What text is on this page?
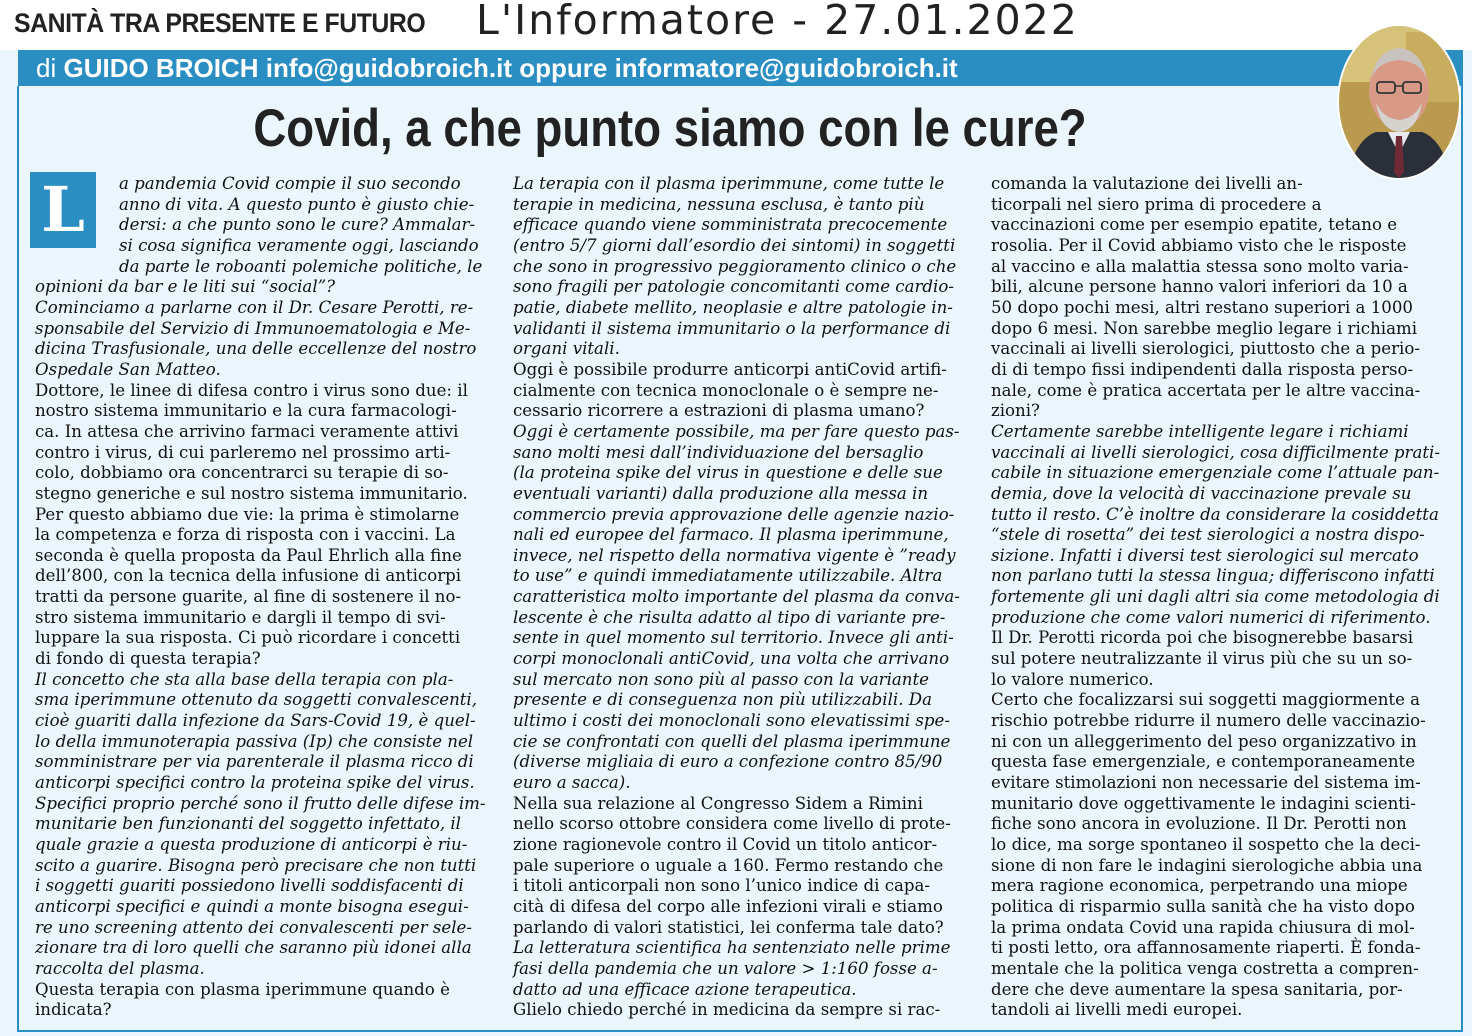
SANITÀ TRA PRESENTE E FUTURO L'Informatore - 27.01.2022
di GUIDO BROICH info@guidobroich.it oppure informatore@guidobroich.it
Covid, a che punto siamo con le cure?
L	a pandemia Covid compie il suo secondo
anno di vita. A questo punto è giusto chie-
dersi: a che punto sono le cure? Ammalar-
si cosa significa veramente oggi, lasciando
da parte le roboanti polemiche politiche, le
opinioni da bar e le liti sui “social”?
Cominciamo a parlarne con il Dr. Cesare Perotti, re-
sponsabile del Servizio di Immunoematologia e Me-
dicina Trasfusionale, una delle eccellenze del nostro
Ospedale San Matteo.
Dottore, le linee di difesa contro i virus sono due: il
nostro sistema immunitario e la cura farmacologi-
ca. In attesa che arrivino farmaci veramente attivi
contro i virus, di cui parleremo nel prossimo arti-
colo, dobbiamo ora concentrarci su terapie di so-
stegno generiche e sul nostro sistema immunitario.
Per questo abbiamo due vie: la prima è stimolarne
la competenza e forza di risposta con i vaccini. La
seconda è quella proposta da Paul Ehrlich alla fine
dell’800, con la tecnica della infusione di anticorpi
tratti da persone guarite, al fine di sostenere il no-
stro sistema immunitario e dargli il tempo di svi-
luppare la sua risposta. Ci può ricordare i concetti
di fondo di questa terapia?
Il concetto che sta alla base della terapia con pla-
sma iperimmune ottenuto da soggetti convalescenti,
cioè guariti dalla infezione da Sars-Covid 19, è quel-
lo della immunoterapia passiva (Ip) che consiste nel
somministrare per via parenterale il plasma ricco di
anticorpi specifici contro la proteina spike del virus.
Specifici proprio perché sono il frutto delle difese im-
munitarie ben funzionanti del soggetto infettato, il
quale grazie a questa produzione di anticorpi è riu-
scito a guarire. Bisogna però precisare che non tutti
i soggetti guariti possiedono livelli soddisfacenti di
anticorpi specifici e quindi a monte bisogna esegui-
re uno screening attento dei convalescenti per sele-
zionare tra di loro quelli che saranno più idonei alla
raccolta del plasma.
Questa terapia con plasma iperimmune quando è
indicata?
La terapia con il plasma iperimmune, come tutte le
terapie in medicina, nessuna esclusa, è tanto più
efficace quando viene somministrata precocemente
(entro 5/7 giorni dall’esordio dei sintomi) in soggetti
che sono in progressivo peggioramento clinico o che
sono fragili per patologie concomitanti come cardio-
patie, diabete mellito, neoplasie e altre patologie in-
validanti il sistema immunitario o la performance di
organi vitali.
Oggi è possibile produrre anticorpi antiCovid artifi-
cialmente con tecnica monoclonale o è sempre ne-
cessario ricorrere a estrazioni di plasma umano?
Oggi è certamente possibile, ma per fare questo pas-
sano molti mesi dall’individuazione del bersaglio
(la proteina spike del virus in questione e delle sue
eventuali varianti) dalla produzione alla messa in
commercio previa approvazione delle agenzie nazio-
nali ed europee del farmaco. Il plasma iperimmune,
invece, nel rispetto della normativa vigente è ”ready
to use” e quindi immediatamente utilizzabile. Altra
caratteristica molto importante del plasma da conva-
lescente è che risulta adatto al tipo di variante pre-
sente in quel momento sul territorio. Invece gli anti-
corpi monoclonali antiCovid, una volta che arrivano
sul mercato non sono più al passo con la variante
presente e di conseguenza non più utilizzabili. Da
ultimo i costi dei monoclonali sono elevatissimi spe-
cie se confrontati con quelli del plasma iperimmune
(diverse migliaia di euro a confezione contro 85/90
euro a sacca).
Nella sua relazione al Congresso Sidem a Rimini
nello scorso ottobre considera come livello di prote-
zione ragionevole contro il Covid un titolo anticor-
pale superiore o uguale a 160. Fermo restando che
i titoli anticorpali non sono l’unico indice di capa-
cità di difesa del corpo alle infezioni virali e stiamo
parlando di valori statistici, lei conferma tale dato?
La letteratura scientifica ha sentenziato nelle prime
fasi della pandemia che un valore > 1:160 fosse a-
datto ad una efficace azione terapeutica.
Glielo chiedo perché in medicina da sempre si rac-
comanda la valutazione dei livelli an-
ticorpali nel siero prima di procedere a
vaccinazioni come per esempio epatite, tetano e
rosolia. Per il Covid abbiamo visto che le risposte
al vaccino e alla malattia stessa sono molto varia-
bili, alcune persone hanno valori inferiori da 10 a
50 dopo pochi mesi, altri restano superiori a 1000
dopo 6 mesi. Non sarebbe meglio legare i richiami
vaccinali ai livelli sierologici, piuttosto che a perio-
di di tempo fissi indipendenti dalla risposta perso-
nale, come è pratica accertata per le altre vaccina-
zioni?
Certamente sarebbe intelligente legare i richiami
vaccinali ai livelli sierologici, cosa difficilmente prati-
cabile in situazione emergenziale come l’attuale pan-
demia, dove la velocità di vaccinazione prevale su
tutto il resto. C’è inoltre da considerare la cosiddetta
“stele di rosetta” dei test sierologici a nostra dispo-
sizione. Infatti i diversi test sierologici sul mercato
non parlano tutti la stessa lingua; differiscono infatti
fortemente gli uni dagli altri sia come metodologia di
produzione che come valori numerici di riferimento.
Il Dr. Perotti ricorda poi che bisognerebbe basarsi
sul potere neutralizzante il virus più che su un so-
lo valore numerico.
Certo che focalizzarsi sui soggetti maggiormente a
rischio potrebbe ridurre il numero delle vaccinazio-
ni con un alleggerimento del peso organizzativo in
questa fase emergenziale, e contemporaneamente
evitare stimolazioni non necessarie del sistema im-
munitario dove oggettivamente le indagini scienti-
fiche sono ancora in evoluzione. Il Dr. Perotti non
lo dice, ma sorge spontaneo il sospetto che la deci-
sione di non fare le indagini sierologiche abbia una
mera ragione economica, perpetrando una miope
politica di risparmio sulla sanità che ha visto dopo
la prima ondata Covid una rapida chiusura di mol-
ti posti letto, ora affannosamente riaperti. È fonda-
mentale che la politica venga costretta a compren-
dere che deve aumentare la spesa sanitaria, por-
tandoli ai livelli medi europei.
